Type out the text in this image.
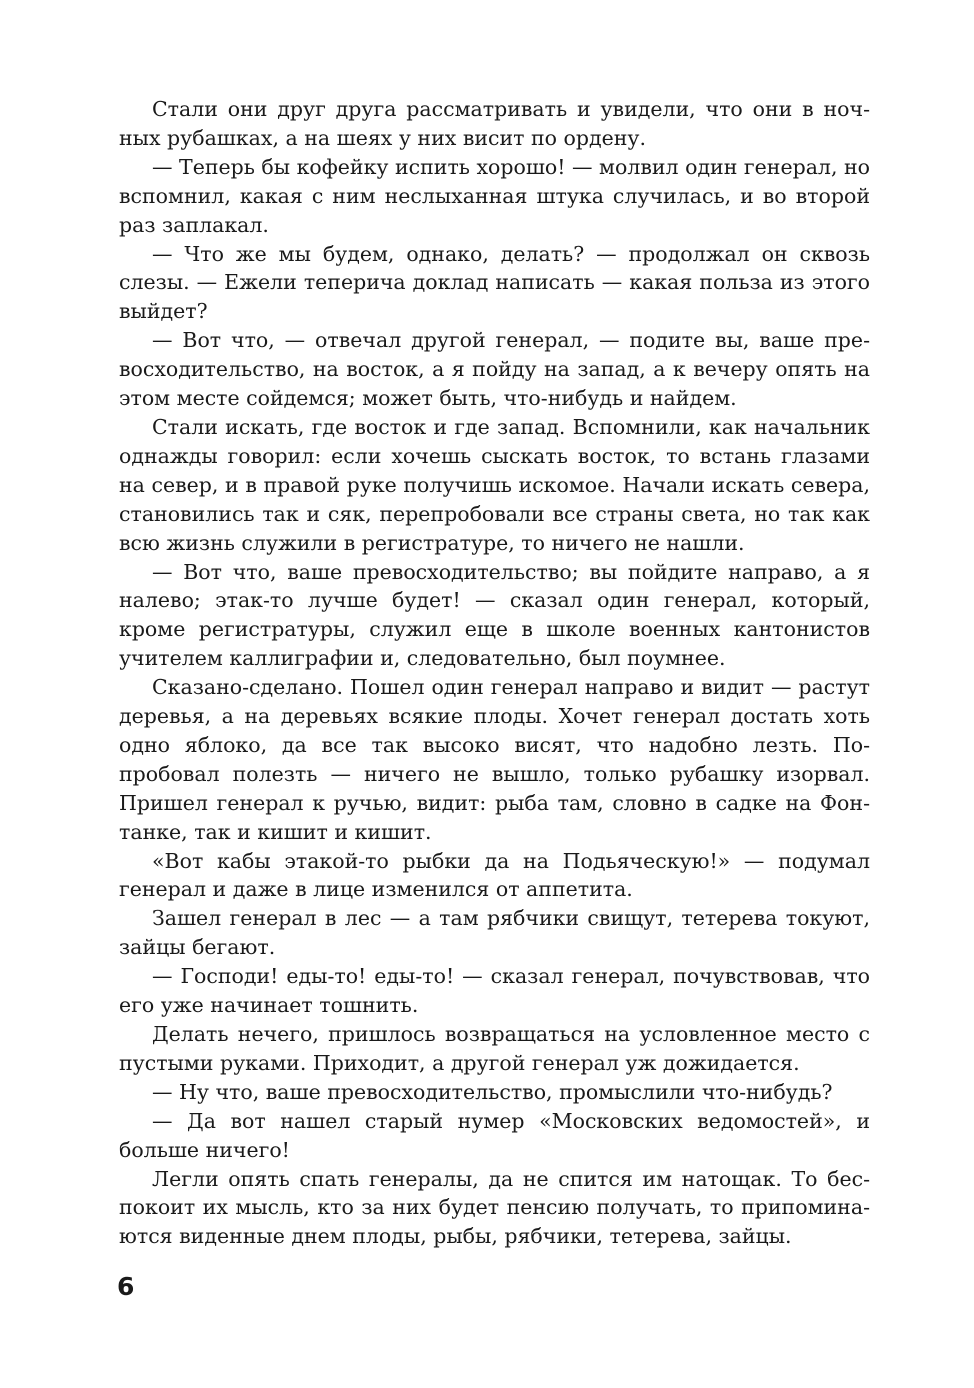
Стали они друг друга рассматривать и увидели, что они в ночных рубашках, а на шеях у них висит по ордену.

— Теперь бы кофейку испить хорошо! — молвил один генерал, но вспомнил, какая с ним неслыханная штука случилась, и во второй раз заплакал.

— Что же мы будем, однако, делать? — продолжал он сквозь слезы. — Ежели теперича доклад написать — какая польза из этого выйдет?

— Вот что, — отвечал другой генерал, — подите вы, ваше превосходительство, на восток, а я пойду на запад, а к вечеру опять на этом месте сойдемся; может быть, что-нибудь и найдем.

Стали искать, где восток и где запад. Вспомнили, как начальник однажды говорил: если хочешь сыскать восток, то встань глазами на север, и в правой руке получишь искомое. Начали искать севера, становились так и сяк, перепробовали все страны света, но так как всю жизнь служили в регистратуре, то ничего не нашли.

— Вот что, ваше превосходительство; вы пойдите направо, а я налево; этак-то лучше будет! — сказал один генерал, который, кроме регистратуры, служил еще в школе военных кантонистов учителем каллиграфии и, следовательно, был поумнее.

Сказано-сделано. Пошел один генерал направо и видит — растут деревья, а на деревьях всякие плоды. Хочет генерал достать хоть одно яблоко, да все так высоко висят, что надобно лезть. Попробовал полезть — ничего не вышло, только рубашку изорвал. Пришел генерал к ручью, видит: рыба там, словно в садке на Фонтанке, так и кишит и кишит.

«Вот кабы этакой-то рыбки да на Подьяческую!» — подумал генерал и даже в лице изменился от аппетита.

Зашел генерал в лес — а там рябчики свищут, тетерева токуют, зайцы бегают.

— Господи! еды-то! еды-то! — сказал генерал, почувствовав, что его уже начинает тошнить.

Делать нечего, пришлось возвращаться на условленное место с пустыми руками. Приходит, а другой генерал уж дожидается.

— Ну что, ваше превосходительство, промыслили что-нибудь?

— Да вот нашел старый нумер «Московских ведомостей», и больше ничего!

Легли опять спать генералы, да не спится им натощак. То беспокоит их мысль, кто за них будет пенсию получать, то припоминаются виденные днем плоды, рыбы, рябчики, тетерева, зайцы.

6
